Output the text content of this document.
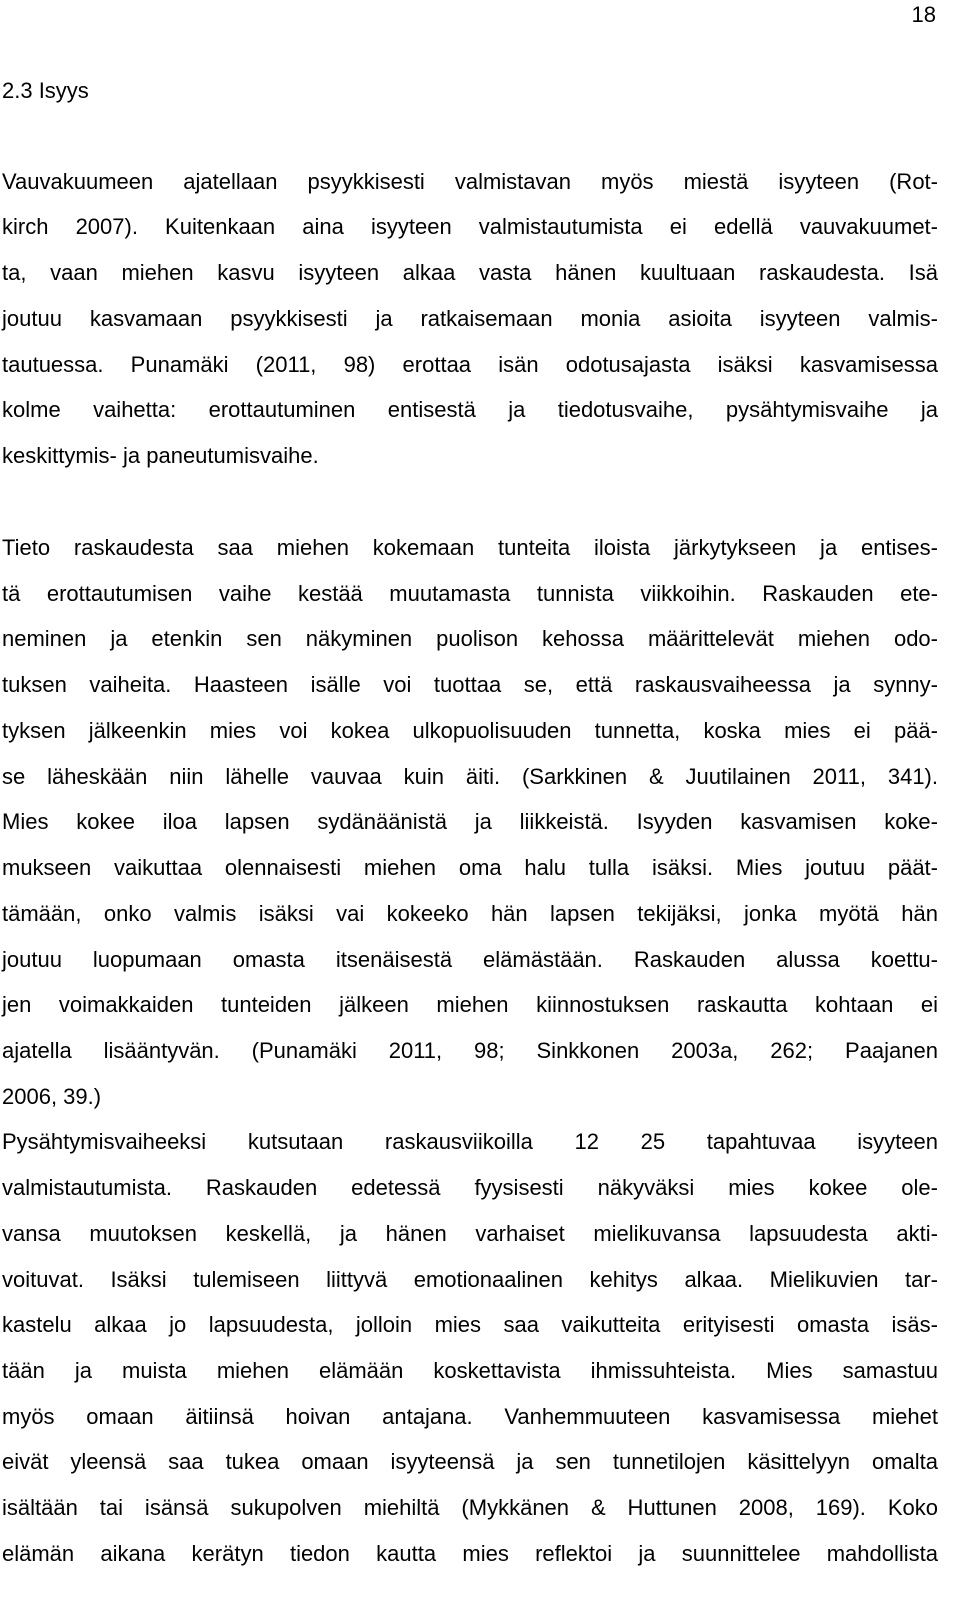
18
2.3 Isyys
Vauvakuumeen ajatellaan psyykkisesti valmistavan myös miestä isyyteen (Rot-
kirch 2007). Kuitenkaan aina isyyteen valmistautumista ei edellä vauvakuumet-
ta, vaan miehen kasvu isyyteen alkaa vasta hänen kuultuaan raskaudesta. Isä
joutuu kasvamaan psyykkisesti ja ratkaisemaan monia asioita isyyteen valmis-
tautuessa. Punamäki (2011, 98) erottaa isän odotusajasta isäksi kasvamisessa
kolme vaihetta: erottautuminen entisestä ja tiedotusvaihe, pysähtymisvaihe ja
keskittymis- ja paneutumisvaihe.
Tieto raskaudesta saa miehen kokemaan tunteita iloista järkytykseen ja entises-
tä erottautumisen vaihe kestää muutamasta tunnista viikkoihin. Raskauden ete-
neminen ja etenkin sen näkyminen puolison kehossa määrittelevät miehen odo-
tuksen vaiheita. Haasteen isälle voi tuottaa se, että raskausvaiheessa ja synny-
tyksen jälkeenkin mies voi kokea ulkopuolisuuden tunnetta, koska mies ei pää-
se läheskään niin lähelle vauvaa kuin äiti. (Sarkkinen & Juutilainen 2011, 341).
Mies kokee iloa lapsen sydänäänistä ja liikkeistä. Isyyden kasvamisen koke-
mukseen vaikuttaa olennaisesti miehen oma halu tulla isäksi. Mies joutuu päät-
tämään, onko valmis isäksi vai kokeeko hän lapsen tekijäksi, jonka myötä hän
joutuu luopumaan omasta itsenäisestä elämästään. Raskauden alussa koettu-
jen voimakkaiden tunteiden jälkeen miehen kiinnostuksen raskautta kohtaan ei
ajatella lisääntyvän. (Punamäki 2011, 98; Sinkkonen 2003a, 262; Paajanen
2006, 39.)
Pysähtymisvaiheeksi kutsutaan raskausviikoilla 12 25 tapahtuvaa isyyteen
valmistautumista. Raskauden edetessä fyysisesti näkyväksi mies kokee ole-
vansa muutoksen keskellä, ja hänen varhaiset mielikuvansa lapsuudesta akti-
voituvat. Isäksi tulemiseen liittyvä emotionaalinen kehitys alkaa. Mielikuvien tar-
kastelu alkaa jo lapsuudesta, jolloin mies saa vaikutteita erityisesti omasta isäs-
tään ja muista miehen elämään koskettavista ihmissuhteista. Mies samastuu
myös omaan äitiinsä hoivan antajana. Vanhemmuuteen kasvamisessa miehet
eivät yleensä saa tukea omaan isyyteensä ja sen tunnetilojen käsittelyyn omalta
isältään tai isänsä sukupolven miehiltä (Mykkänen & Huttunen 2008, 169). Koko
elämän aikana kerätyn tiedon kautta mies reflektoi ja suunnittelee mahdollista
